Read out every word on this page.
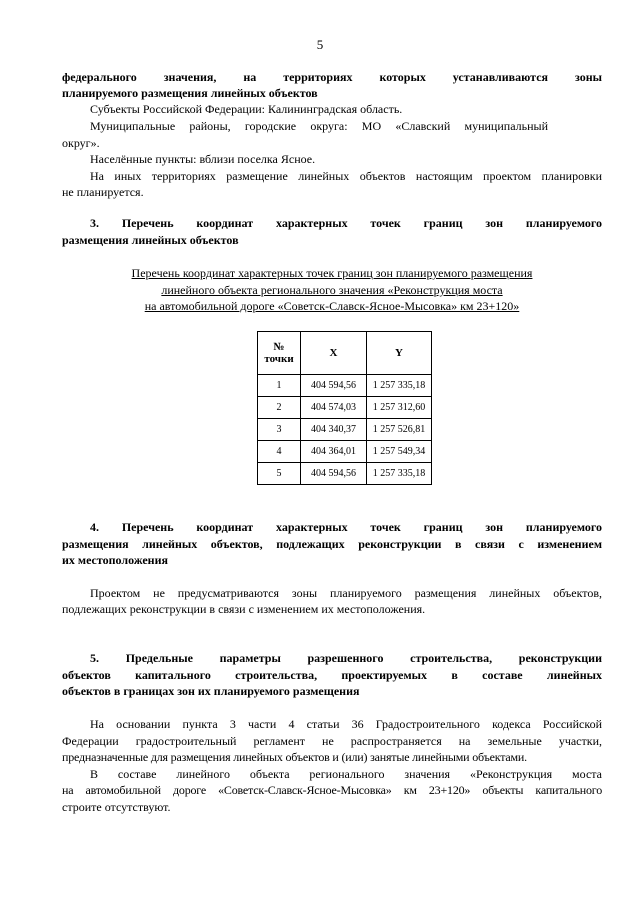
5
федерального значения, на территориях которых устанавливаются зоны
планируемого размещения линейных объектов
Субъекты Российской Федерации: Калининградская область.
Муниципальные районы, городские округа: МО «Славский муниципальный
округ».
Населённые пункты: вблизи поселка Ясное.
На иных территориях размещение линейных объектов настоящим проектом планировки
не планируется.
3. Перечень координат характерных точек границ зон планируемого
размещения линейных объектов
Перечень координат характерных точек границ зон планируемого размещения
линейного объекта регионального значения «Реконструкция моста
на автомобильной дороге «Советск-Славск-Ясное-Мысовка» км 23+120»
№ точки	X	Y
1	404 594,56	1 257 335,18
2	404 574,03	1 257 312,60
3	404 340,37	1 257 526,81
4	404 364,01	1 257 549,34
5	404 594,56	1 257 335,18
4. Перечень координат характерных точек границ зон планируемого
размещения линейных объектов, подлежащих реконструкции в связи с изменением
их местоположения
Проектом не предусматриваются зоны планируемого размещения линейных объектов,
подлежащих реконструкции в связи с изменением их местоположения.
5. Предельные параметры разрешенного строительства, реконструкции
объектов капитального строительства, проектируемых в составе линейных
объектов в границах зон их планируемого размещения
На основании пункта 3 части 4 статьи 36 Градостроительного кодекса Российской
Федерации градостроительный регламент не распространяется на земельные участки,
предназначенные для размещения линейных объектов и (или) занятые линейными объектами.
В составе линейного объекта регионального значения «Реконструкция моста
на автомобильной дороге «Советск-Славск-Ясное-Мысовка» км 23+120» объекты капитального
строите отсутствуют.
